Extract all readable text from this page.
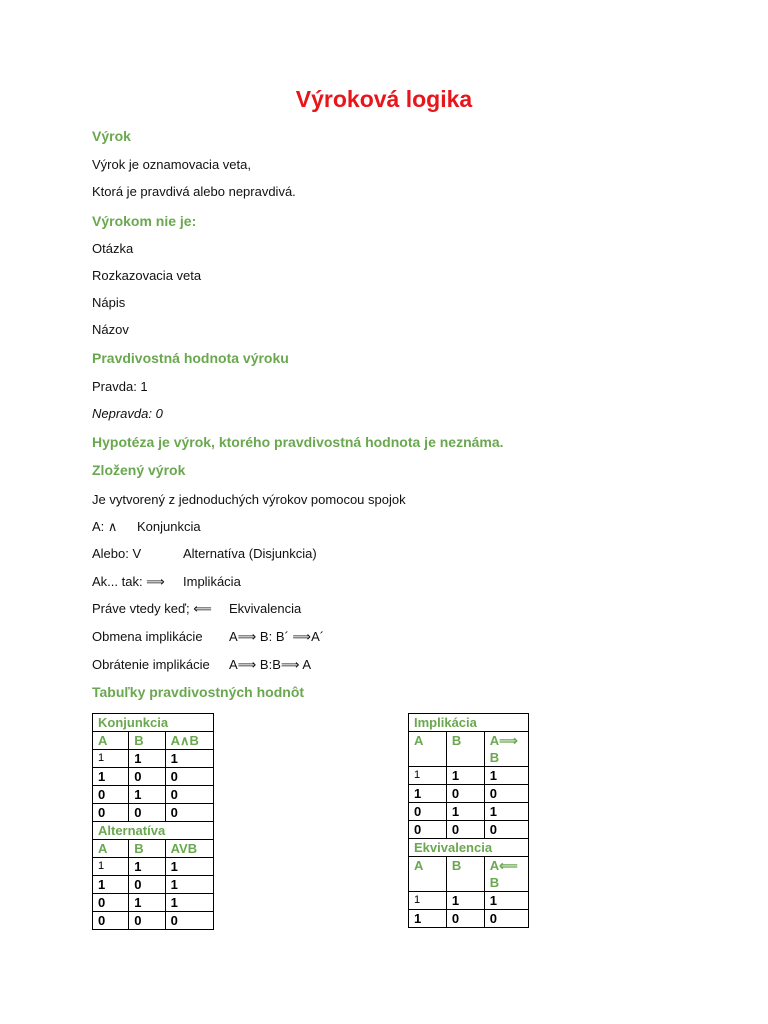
Výroková logika
Výrok
Výrok je oznamovacia veta,
Ktorá je pravdivá alebo nepravdivá.
Výrokom nie je:
Otázka
Rozkazovacia veta
Nápis
Názov
Pravdivostná hodnota výroku
Pravda: 1
Nepravda: 0
Hypotéza je výrok, ktorého pravdivostná hodnota je neznáma.
Zložený výrok
Je vytvorený z jednoduchých výrokov pomocou spojok
A: ∧ Konjunkcia
Alebo: V	Alternatíva (Disjunkcia)
Ak... tak: ⟹ Implikácia
Práve vtedy keď; ⟸ Ekvivalencia
Obmena implikácie A⟹ B: B´ ⟹A´
Obrátenie implikácie A⟹ B:B⟹ A
Tabuľky pravdivostných hodnôt
Konjunkcia		
A	B	A∧B
1	1	1
1	0	0
0	1	0
0	0	0
Alternatíva		
A	B	AVB
1	1	1
1	0	1
0	1	1
0	0	0
Implikácia		
A	B	A⟹B
1	1	1
1	0	0
0	1	1
0	0	0
Ekvivalencia		
A	B	A⟸B
1	1	1
1	0	0
